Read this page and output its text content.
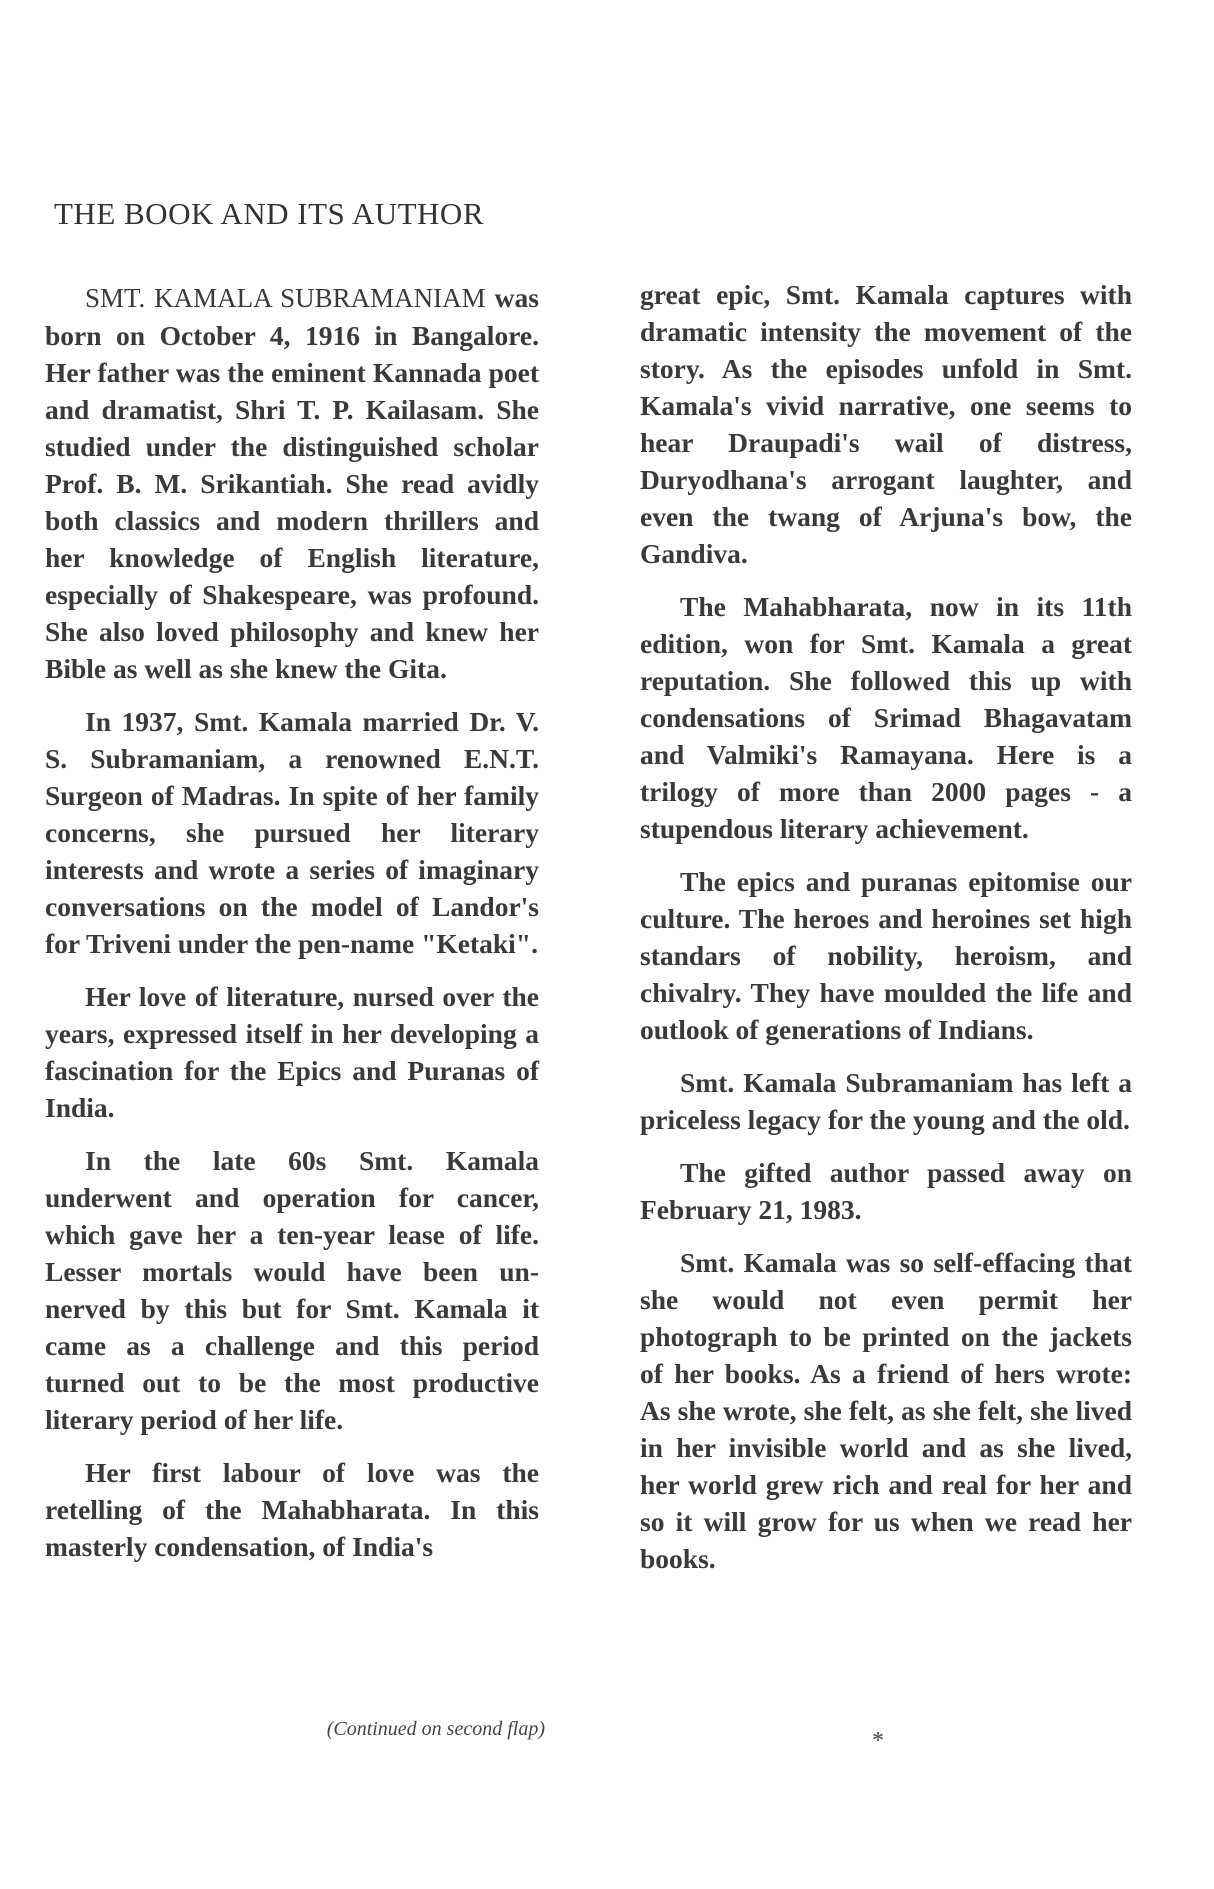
THE BOOK AND ITS AUTHOR

SMT. KAMALA SUBRAMANIAM was born on October 4, 1916 in Bangalore. Her father was the eminent Kannada poet and dramatist, Shri T. P. Kailasam. She studied under the distinguished scholar Prof. B. M. Srikantiah. She read avidly both classics and modern thrillers and her knowledge of English literature, especially of Shakespeare, was profound. She also loved philosophy and knew her Bible as well as she knew the Gita.

In 1937, Smt. Kamala married Dr. V. S. Subramaniam, a renowned E.N.T. Surgeon of Madras. In spite of her family concerns, she pursued her literary interests and wrote a series of imaginary conversations on the model of Landor's for Triveni under the pen-name "Ketaki".

Her love of literature, nursed over the years, expressed itself in her developing a fascination for the Epics and Puranas of India.

In the late 60s Smt. Kamala underwent and operation for cancer, which gave her a ten-year lease of life. Lesser mortals would have been un-nerved by this but for Smt. Kamala it came as a challenge and this period turned out to be the most productive literary period of her life.

Her first labour of love was the retelling of the Mahabharata. In this masterly condensation, of India's

(Continued on second flap)

great epic, Smt. Kamala captures with dramatic intensity the movement of the story. As the episodes unfold in Smt. Kamala's vivid narrative, one seems to hear Draupadi's wail of distress, Duryodhana's arrogant laughter, and even the twang of Arjuna's bow, the Gandiva.

The Mahabharata, now in its 11th edition, won for Smt. Kamala a great reputation. She followed this up with condensations of Srimad Bhagavatam and Valmiki's Ramayana. Here is a trilogy of more than 2000 pages - a stupendous literary achievement.

The epics and puranas epitomise our culture. The heroes and heroines set high standars of nobility, heroism, and chivalry. They have moulded the life and outlook of generations of Indians.

Smt. Kamala Subramaniam has left a priceless legacy for the young and the old.

The gifted author passed away on February 21, 1983.

Smt. Kamala was so self-effacing that she would not even permit her photograph to be printed on the jackets of her books. As a friend of hers wrote: As she wrote, she felt, as she felt, she lived in her invisible world and as she lived, her world grew rich and real for her and so it will grow for us when we read her books.

*
